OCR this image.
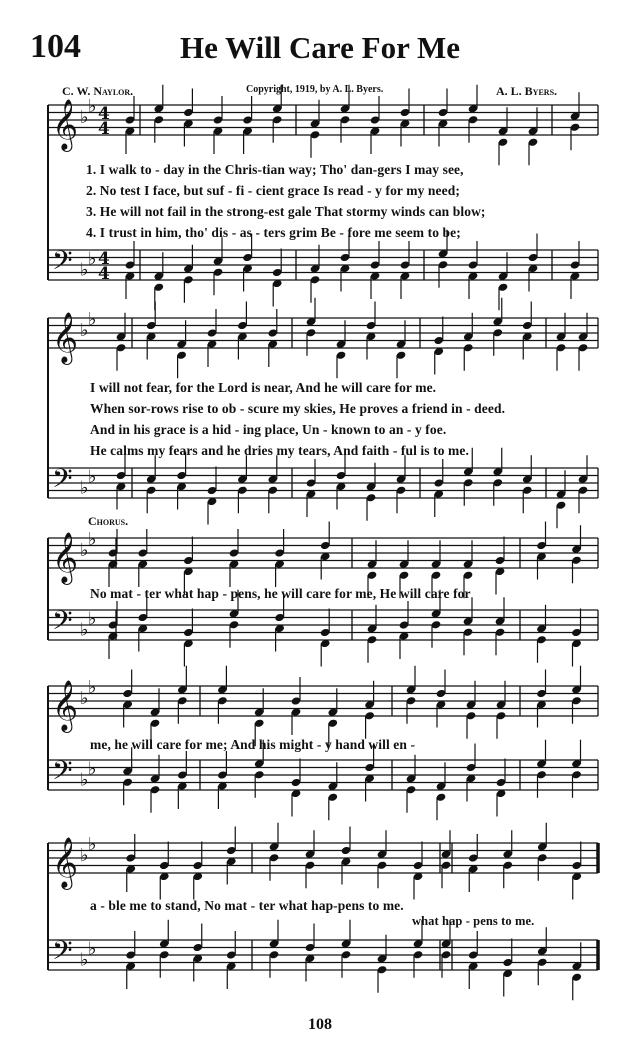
104	He Will Care For Me
C. W. Naylor.	Copyright, 1919, by A. L. Byers.	A. L. Byers.
𝄞 ♭
♭
𝄢 ♭
♭
4
4
4
4
𝄞 ♭
♭
𝄢 ♭
♭
𝄞 ♭
♭
𝄢 ♭
♭
𝄞 ♭
♭
𝄢 ♭
♭
𝄞 ♭
♭
𝄢 ♭
♭
1. I walk to - day in the Chris-tian way; Tho' dan-gers I may see,
2. No test I face, but suf - fi - cient grace Is read - y for my need;
3. He will not fail in the strong-est gale That stormy winds can blow;
4. I trust in him, tho' dis - as - ters grim Be - fore me seem to be;
I will not fear, for the Lord is near, And he will care for me.
When sor-rows rise to ob - scure my skies, He proves a friend in - deed.
And in his grace is a hid - ing place, Un - known to an - y foe.
He calms my fears and he dries my tears, And faith - ful is to me.
Chorus.
No mat - ter what hap - pens, he will care for me, He will care for
me, he will care for me; And his might - y hand will en -
a - ble me to stand, No mat - ter what hap-pens to me.
what hap - pens to me.
108
